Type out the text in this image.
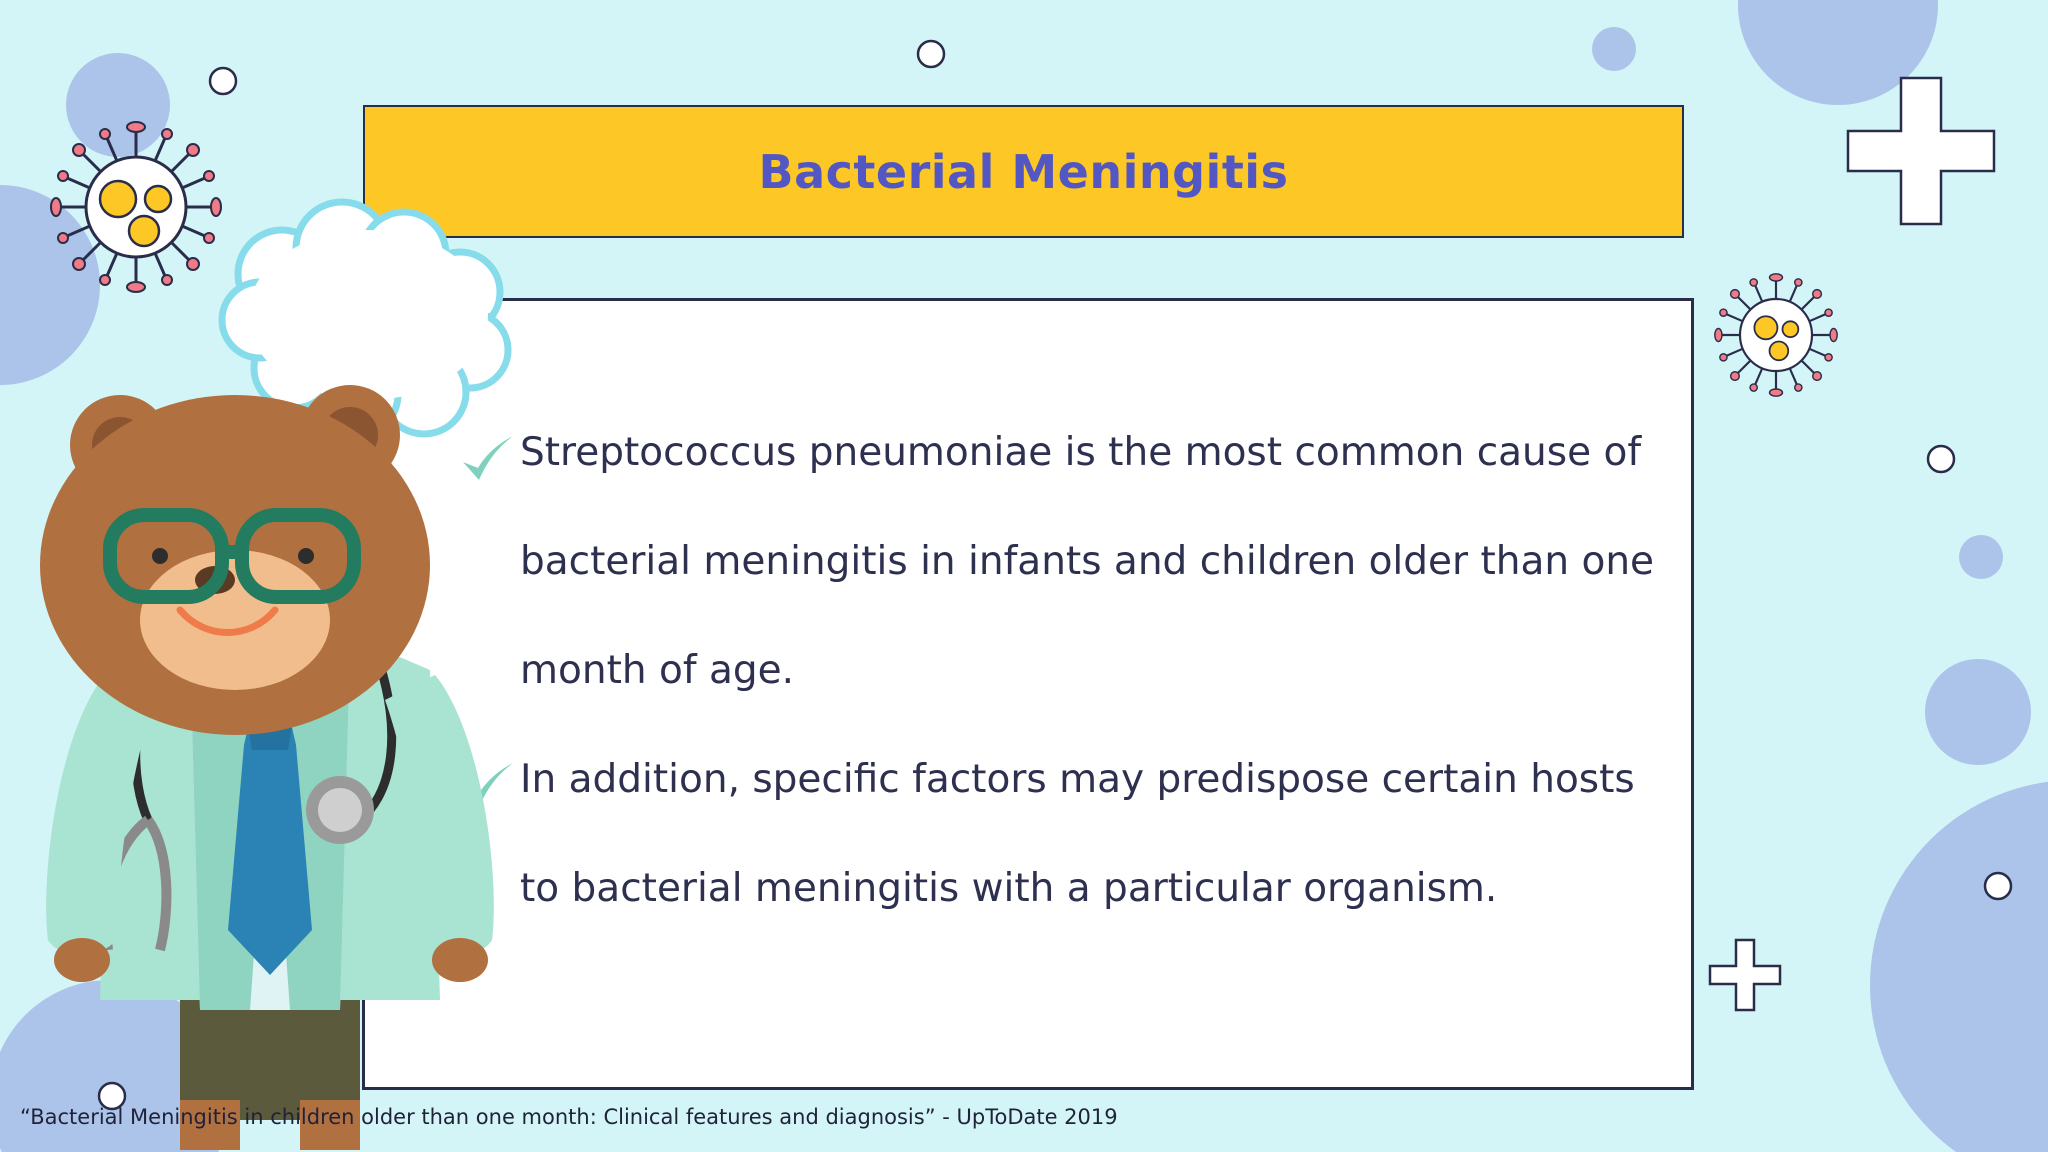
Bacterial Meningitis
Streptococcus pneumoniae is the most common cause of bacterial meningitis in infants and children older than one month of age.
In addition, specific factors may predispose certain hosts to bacterial meningitis with a particular organism.
“Bacterial Meningitis in children older than one month: Clinical features and diagnosis” - UpToDate 2019
